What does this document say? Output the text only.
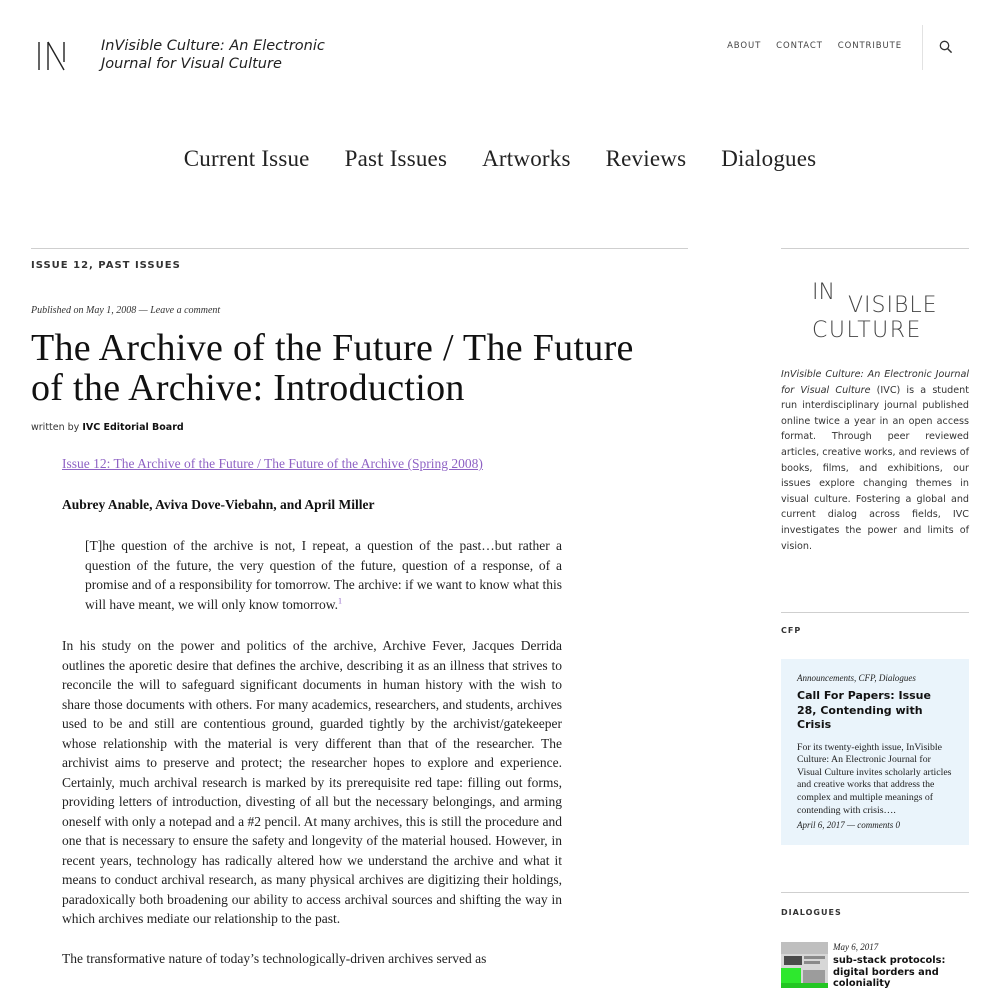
InVisible Culture: An Electronic
Journal for Visual Culture
ABOUT CONTACT CONTRIBUTE
Current Issue Past Issues Artworks Reviews Dialogues
ISSUE 12, PAST ISSUES
Published on May 1, 2008 — Leave a comment
The Archive of the Future / The Future of the Archive: Introduction
written by IVC Editorial Board
Issue 12: The Archive of the Future / The Future of the Archive (Spring 2008)

Aubrey Anable, Aviva Dove-Viebahn, and April Miller

[T]he question of the archive is not, I repeat, a question of the past…but rather a question of the future, the very question of the future, question of a response, of a promise and of a responsibility for tomorrow. The archive: if we want to know what this will have meant, we will only know tomorrow.$^1$

In his study on the power and politics of the archive, Archive Fever, Jacques Derrida outlines the aporetic desire that defines the archive, describing it as an illness that strives to reconcile the will to safeguard significant documents in human history with the wish to share those documents with others. For many academics, researchers, and students, archives used to be and still are contentious ground, guarded tightly by the archivist/gatekeeper whose relationship with the material is very different than that of the researcher. The archivist aims to preserve and protect; the researcher hopes to explore and experience. Certainly, much archival research is marked by its prerequisite red tape: filling out forms, providing letters of introduction, divesting of all but the necessary belongings, and arming oneself with only a notepad and a #2 pencil. At many archives, this is still the procedure and one that is necessary to ensure the safety and longevity of the material housed. However, in recent years, technology has radically altered how we understand the archive and what it means to conduct archival research, as many physical archives are digitizing their holdings, paradoxically both broadening our ability to access archival sources and shifting the way in which archives mediate our relationship to the past.

The transformative nature of today’s technologically-driven archives served as

IN
VISIBLE
CULTURE

InVisible Culture: An Electronic Journal for Visual Culture (IVC) is a student run interdisciplinary journal published online twice a year in an open access format. Through peer reviewed articles, creative works, and reviews of books, films, and exhibitions, our issues explore changing themes in visual culture. Fostering a global and current dialog across fields, IVC investigates the power and limits of vision.

CFP
Announcements, CFP, Dialogues
Call For Papers: Issue 28, Contending with Crisis

For its twenty-eighth issue, InVisible Culture: An Electronic Journal for Visual Culture invites scholarly articles and creative works that address the complex and multiple meanings of contending with crisis….

April 6, 2017 — comments 0
DIALOGUES
May 6, 2017
sub-stack protocols: digital borders and coloniality
